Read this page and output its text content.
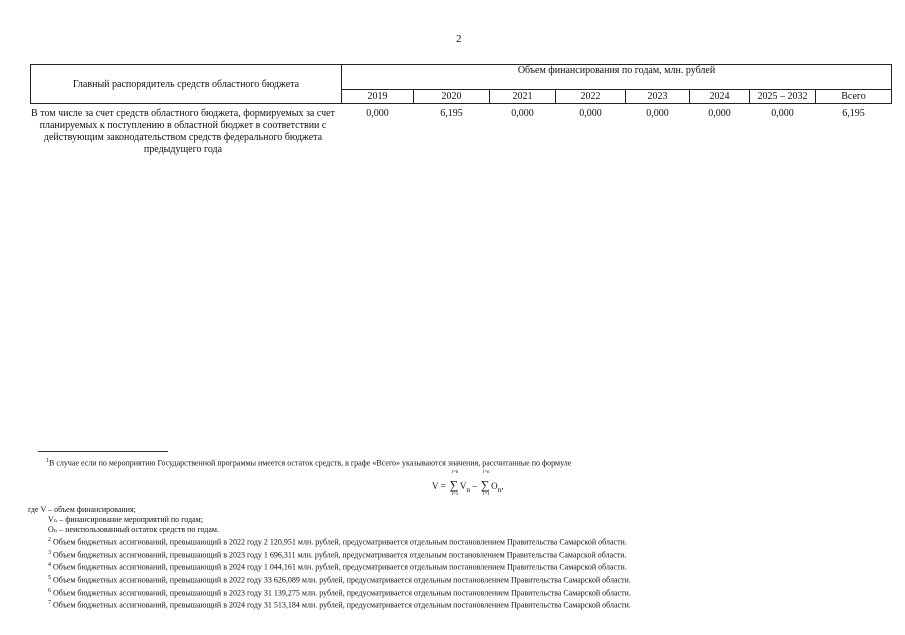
2
Главный распорядитель средств областного бюджета	Объем финансирования по годам, млн. рублей							
	2019	2020	2021	2022	2023	2024	2025 – 2032	Всего
В том числе за счет средств областного бюджета, формируемых за счет планируемых к поступлению в областной бюджет в соответствии с действующим законодательством средств федерального бюджета предыдущего года	0,000	6,195	0,000	0,000	0,000	0,000	0,000	6,195
$^1$В случае если по мероприятию Государственной программы имеется остаток средств, в графе «Всего» указываются значения, рассчитанные по формуле
V = ∑
i=n
i=1
$V_n$ – ∑
i=n
i=1
$O_n$,
где V – объем финансирования;
Vₙ – финансирование мероприятий по годам;
Oₙ – неиспользованный остаток средств по годам.
$^2$ Объем бюджетных ассигнований, превышающий в 2022 году 2 120,951 млн. рублей, предусматривается отдельным постановлением Правительства Самарской области.
$^3$ Объем бюджетных ассигнований, превышающий в 2023 году 1 696,311 млн. рублей, предусматривается отдельным постановлением Правительства Самарской области.
$^4$ Объем бюджетных ассигнований, превышающий в 2024 году 1 044,161 млн. рублей, предусматривается отдельным постановлением Правительства Самарской области.
$^5$ Объем бюджетных ассигнований, превышающий в 2022 году 33 626,089 млн. рублей, предусматривается отдельным постановлением Правительства Самарской области.
$^6$ Объем бюджетных ассигнований, превышающий в 2023 году 31 139,275 млн. рублей, предусматривается отдельным постановлением Правительства Самарской области.
$^7$ Объем бюджетных ассигнований, превышающий в 2024 году 31 513,184 млн. рублей, предусматривается отдельным постановлением Правительства Самарской области.
